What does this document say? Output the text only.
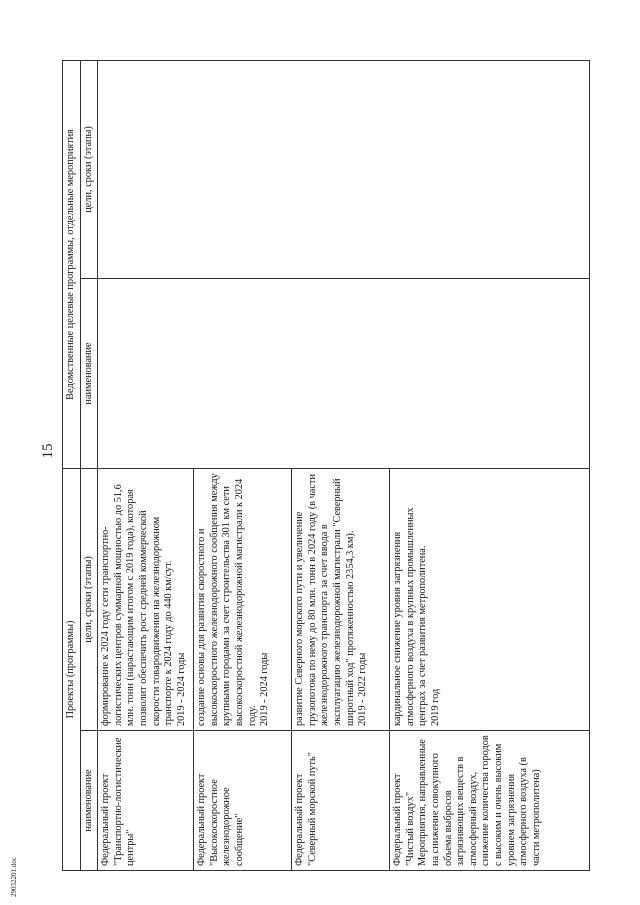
15
29032201.doc
Проекты (программы)		Ведомственные целевые программы, отдельные мероприятия	
наименование	цели, сроки (этапы)	наименование	цели, сроки (этапы)
Федеральный проект "Транспортно-логистические центры"	формирование к 2024 году сети транспортно-логистических центров суммарной мощностью до 51,6 млн. тонн (нарастающим итогом с 2019 года), которая позволит обеспечить рост средней коммерческой скорости товародвижения на железнодорожном транспорте к 2024 году до 440 км/сут. 2019 - 2024 годы		

Федеральный проект "Высокоскоростное железнодорожное сообщение"	создание основы для развития скоростного и высокоскоростного железнодорожного сообщения между крупными городами за счет строительства 301 км сети высокоскоростной железнодорожной магистрали к 2024 году. 2019 - 2024 годы		

Федеральный проект "Северный морской путь"	развитие Северного морского пути и увеличение грузопотока по нему до 80 млн. тонн в 2024 году (в части железнодорожного транспорта за счет ввода в эксплуатацию железнодорожной магистрали "Северный широтный ход" протяженностью 2354,3 км). 2019 - 2022 годы		

Федеральный проект "Чистый воздух" Мероприятия, направленные на снижение совокупного объема выбросов загрязняющих веществ в атмосферный воздух, снижение количества городов с высоким и очень высоким уровнем загрязнения атмосферного воздуха (в части метрополитена)	кардинальное снижение уровня загрязнения атмосферного воздуха в крупных промышленных центрах за счет развития метрополитена. 2019 год		
